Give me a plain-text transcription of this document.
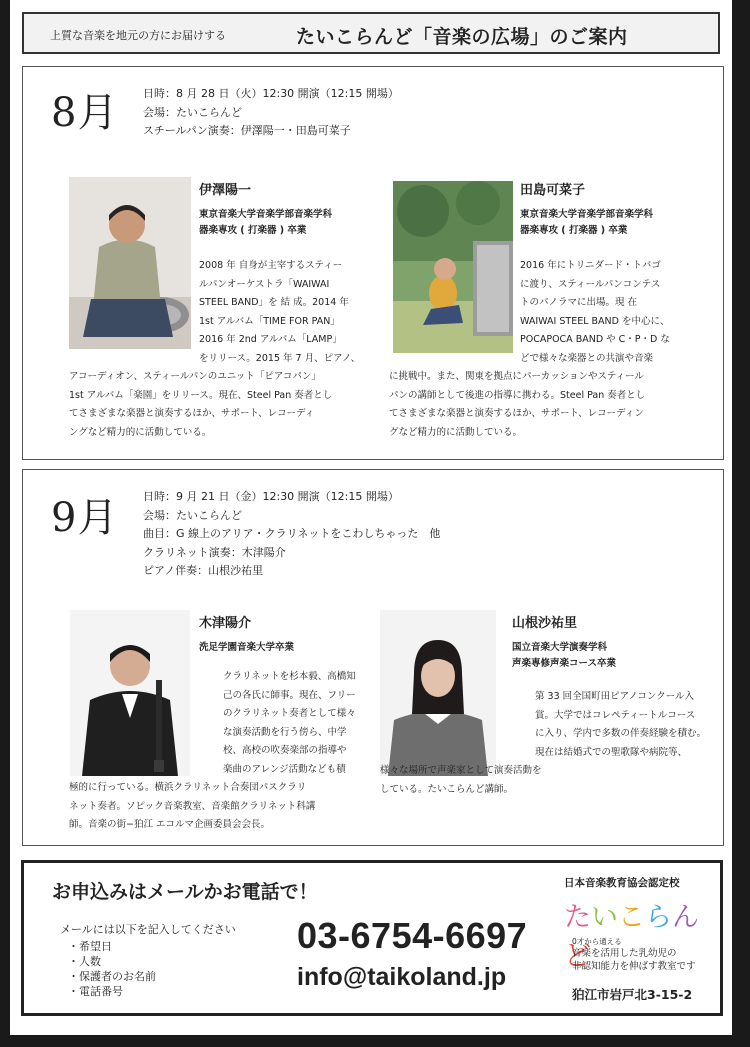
上質な音楽を地元の方にお届けする	たいこらんど「音楽の広場」のご案内
8月 日時：8 月 28 日（火）12:30 開演（12:15 開場）
会場：たいこらんど
スチールパン演奏：伊澤陽一・田島可菜子
伊澤陽一
東京音楽大学音楽学部音楽学科
器楽専攻 ( 打楽器 ) 卒業
2008 年 自身が主宰するスティー
ルパンオーケストラ「WAIWAI
STEEL BAND」を 結 成。2014 年
1st アルバム「TIME FOR PAN」
2016 年 2nd アルバム「LAMP」
をリリース。2015 年 7 月、ピアノ、
アコーディオン、スティールパンのユニット「ピアコパン」
1st アルバム「楽園」をリリース。現在、Steel Pan 奏者とし
てさまざまな楽器と演奏するほか、サポート、レコーディ
ングなど精力的に活動している。
田島可菜子
東京音楽大学音楽学部音楽学科
器楽専攻 ( 打楽器 ) 卒業
2016 年にトリニダード・トバゴ
に渡り、スティールパンコンテス
トのパノラマに出場。現 在
WAIWAI STEEL BAND を中心に、
POCAPOCA BAND や C・P・D な
どで様々な楽器との共演や音楽
に挑戦中。また、関東を拠点にパーカッションやスティール
パンの講師として後進の指導に携わる。Steel Pan 奏者とし
てさまざまな楽器と演奏するほか、サポート、レコーディン
グなど精力的に活動している。
9月 日時：9 月 21 日（金）12:30 開演（12:15 開場）
会場：たいこらんど
曲目：G 線上のアリア・クラリネットをこわしちゃった　他
クラリネット演奏：木津陽介
ピアノ伴奏：山根沙祐里
木津陽介
洗足学園音楽大学卒業
クラリネットを杉本毅、高橋知
己の各氏に師事。現在、フリー
のクラリネット奏者として様々
な演奏活動を行う傍ら、中学
校、高校の吹奏楽部の指導や
楽曲のアレンジ活動なども積
極的に行っている。横浜クラリネット合奏団パスクラリ
ネット奏者。ソピック音楽教室、音楽館クラリネット科講
師。音楽の街−狛江 エコルマ企画委員会会長。
山根沙祐里
国立音楽大学演奏学科
声楽専修声楽コース卒業
第 33 回全国町田ピアノコンクール入
賞。大学ではコレペティートルコース
に入り、学内で多数の伴奏経験を積む。
現在は結婚式での聖歌隊や病院等、
様々な場所で声楽家として演奏活動を
している。たいこらんど講師。
お申込みはメールかお電話で！
メールには以下を記入してください
・希望日
・人数
・保護者のお名前
・電話番号
03-6754-6697
info@taikoland.jp
日本音楽教育協会認定校
たいこらんど
0才から通える
音楽を活用した乳幼児の
非認知能力を伸ばす教室です
狛江市岩戸北3-15-2
